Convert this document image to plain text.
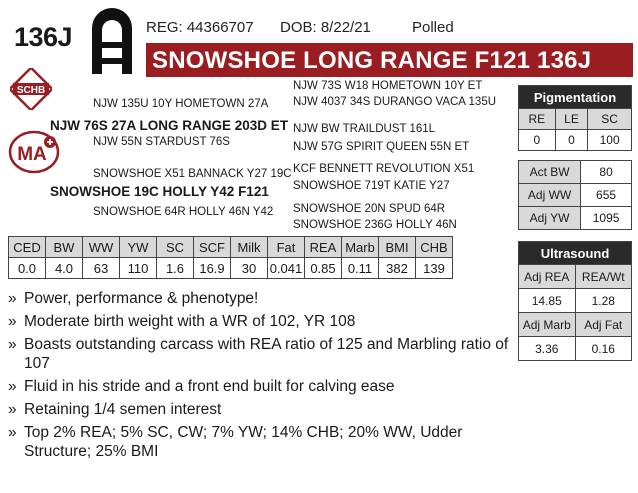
136J	REG: 44366707 DOB: 8/22/21	Polled
SNOWSHOE LONG RANGE F121 136J
SCHB
MA
NJW 73S W18 HOMETOWN 10Y ET
NJW 135U 10Y HOMETOWN 27A NJW 4037 34S DURANGO VACA 135U
NJW 76S 27A LONG RANGE 203D ET NJW BW TRAILDUST 161L
NJW 55N STARDUST 76S	NJW 57G SPIRIT QUEEN 55N ET
KCF BENNETT REVOLUTION X51
SNOWSHOE X51 BANNACK Y27 19C
SNOWSHOE 719T KATIE Y27
SNOWSHOE 19C HOLLY Y42 F121
SNOWSHOE 20N SPUD 64R
SNOWSHOE 64R HOLLY 46N Y42
SNOWSHOE 236G HOLLY 46N
CED	BW	WW	YW	SC	SCF	Milk	Fat	REA	Marb	BMI	CHB
0.0	4.0	63	110	1.6	16.9	30	0.041	0.85	0.11	382	139
Pigmentation		
RE	LE	SC
0	0	100
Act BW	80
Adj WW	655
Adj YW	1095
Ultrasound	
Adj REA	REA/Wt
14.85	1.28
Adj Marb	Adj Fat
3.36	0.16
» Power, performance & phenotype!
» Moderate birth weight with a WR of 102, YR 108
» Boasts outstanding carcass with REA ratio of 125 and Marbling ratio of 107
» Fluid in his stride and a front end built for calving ease
» Retaining 1/4 semen interest
» Top 2% REA; 5% SC, CW; 7% YW; 14% CHB; 20% WW, Udder Structure; 25% BMI
